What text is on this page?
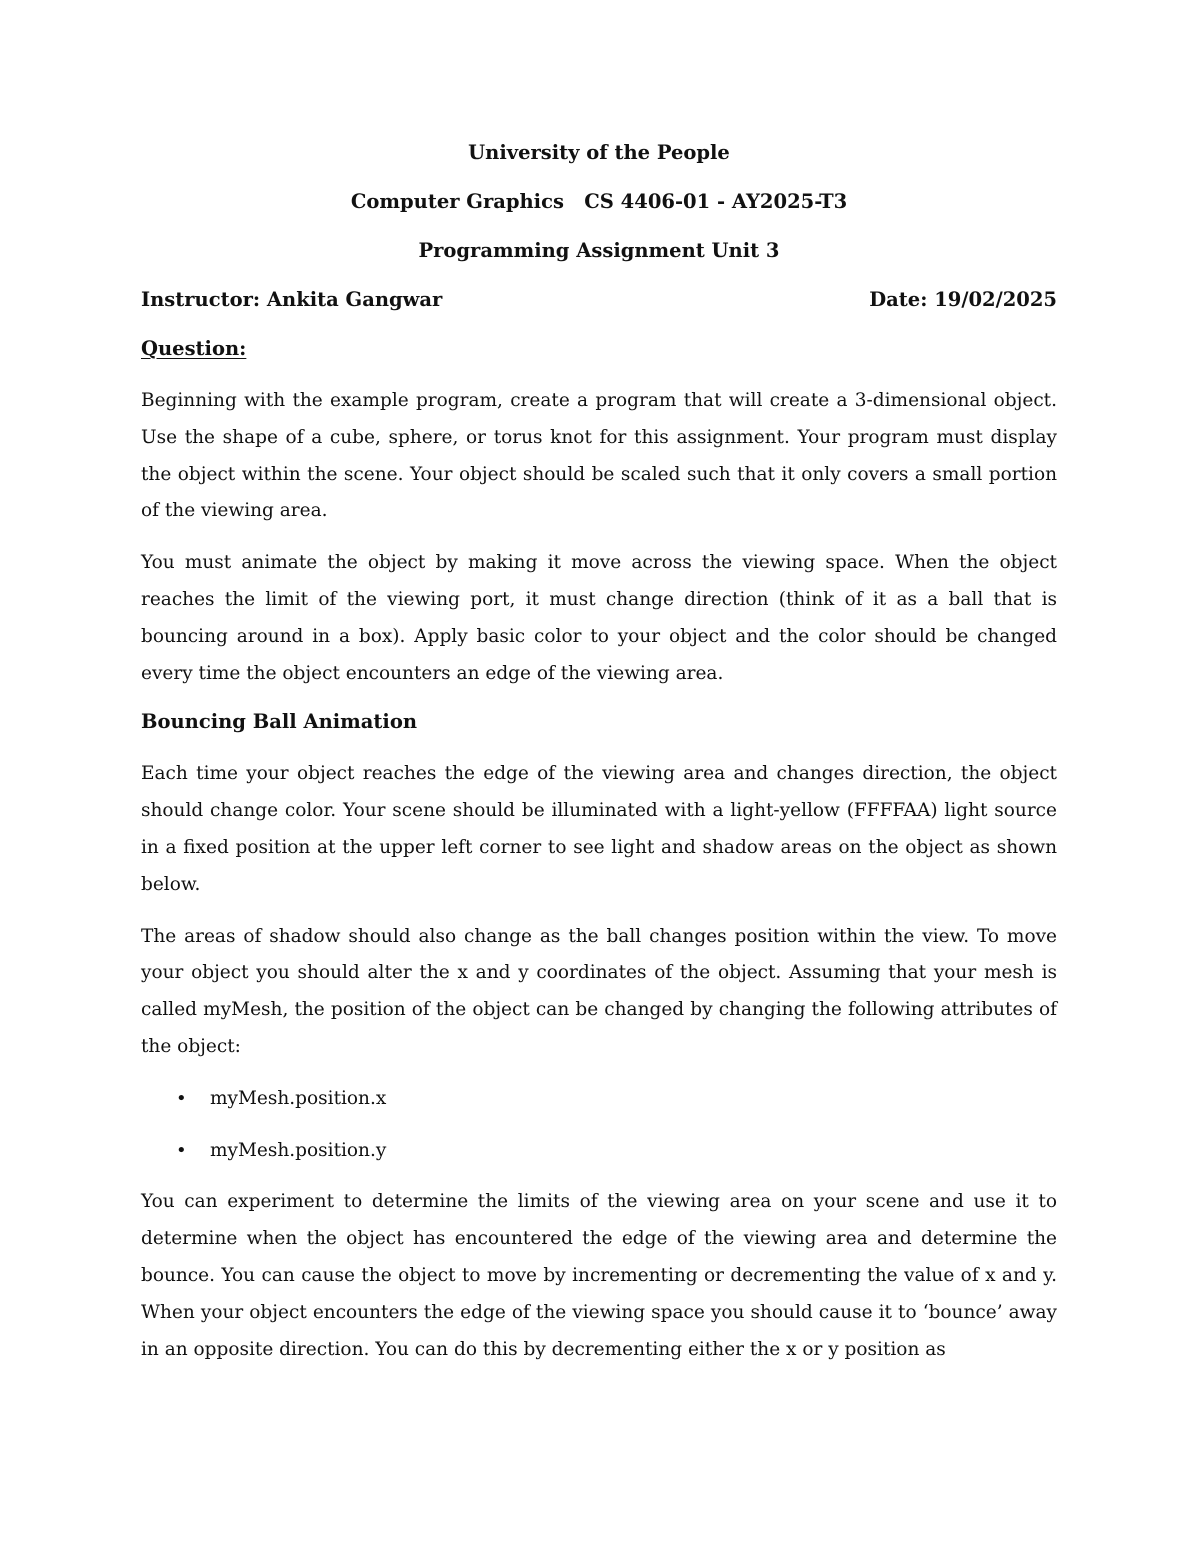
University of the People
Computer Graphics   CS 4406-01 - AY2025-T3
Programming Assignment Unit 3
Instructor: Ankita Gangwar	Date: 19/02/2025
Question:

Beginning with the example program, create a program that will create a 3-dimensional object. Use the shape of a cube, sphere, or torus knot for this assignment. Your program must display the object within the scene. Your object should be scaled such that it only covers a small portion of the viewing area.

You must animate the object by making it move across the viewing space. When the object reaches the limit of the viewing port, it must change direction (think of it as a ball that is bouncing around in a box). Apply basic color to your object and the color should be changed every time the object encounters an edge of the viewing area.

Bouncing Ball Animation

Each time your object reaches the edge of the viewing area and changes direction, the object should change color. Your scene should be illuminated with a light-yellow (FFFFAA) light source in a fixed position at the upper left corner to see light and shadow areas on the object as shown below.

The areas of shadow should also change as the ball changes position within the view. To move your object you should alter the x and y coordinates of the object. Assuming that your mesh is called myMesh, the position of the object can be changed by changing the following attributes of the object:

• myMesh.position.x
• myMesh.position.y

You can experiment to determine the limits of the viewing area on your scene and use it to determine when the object has encountered the edge of the viewing area and determine the bounce. You can cause the object to move by incrementing or decrementing the value of x and y. When your object encounters the edge of the viewing space you should cause it to ‘bounce’ away in an opposite direction. You can do this by decrementing either the x or y position as
